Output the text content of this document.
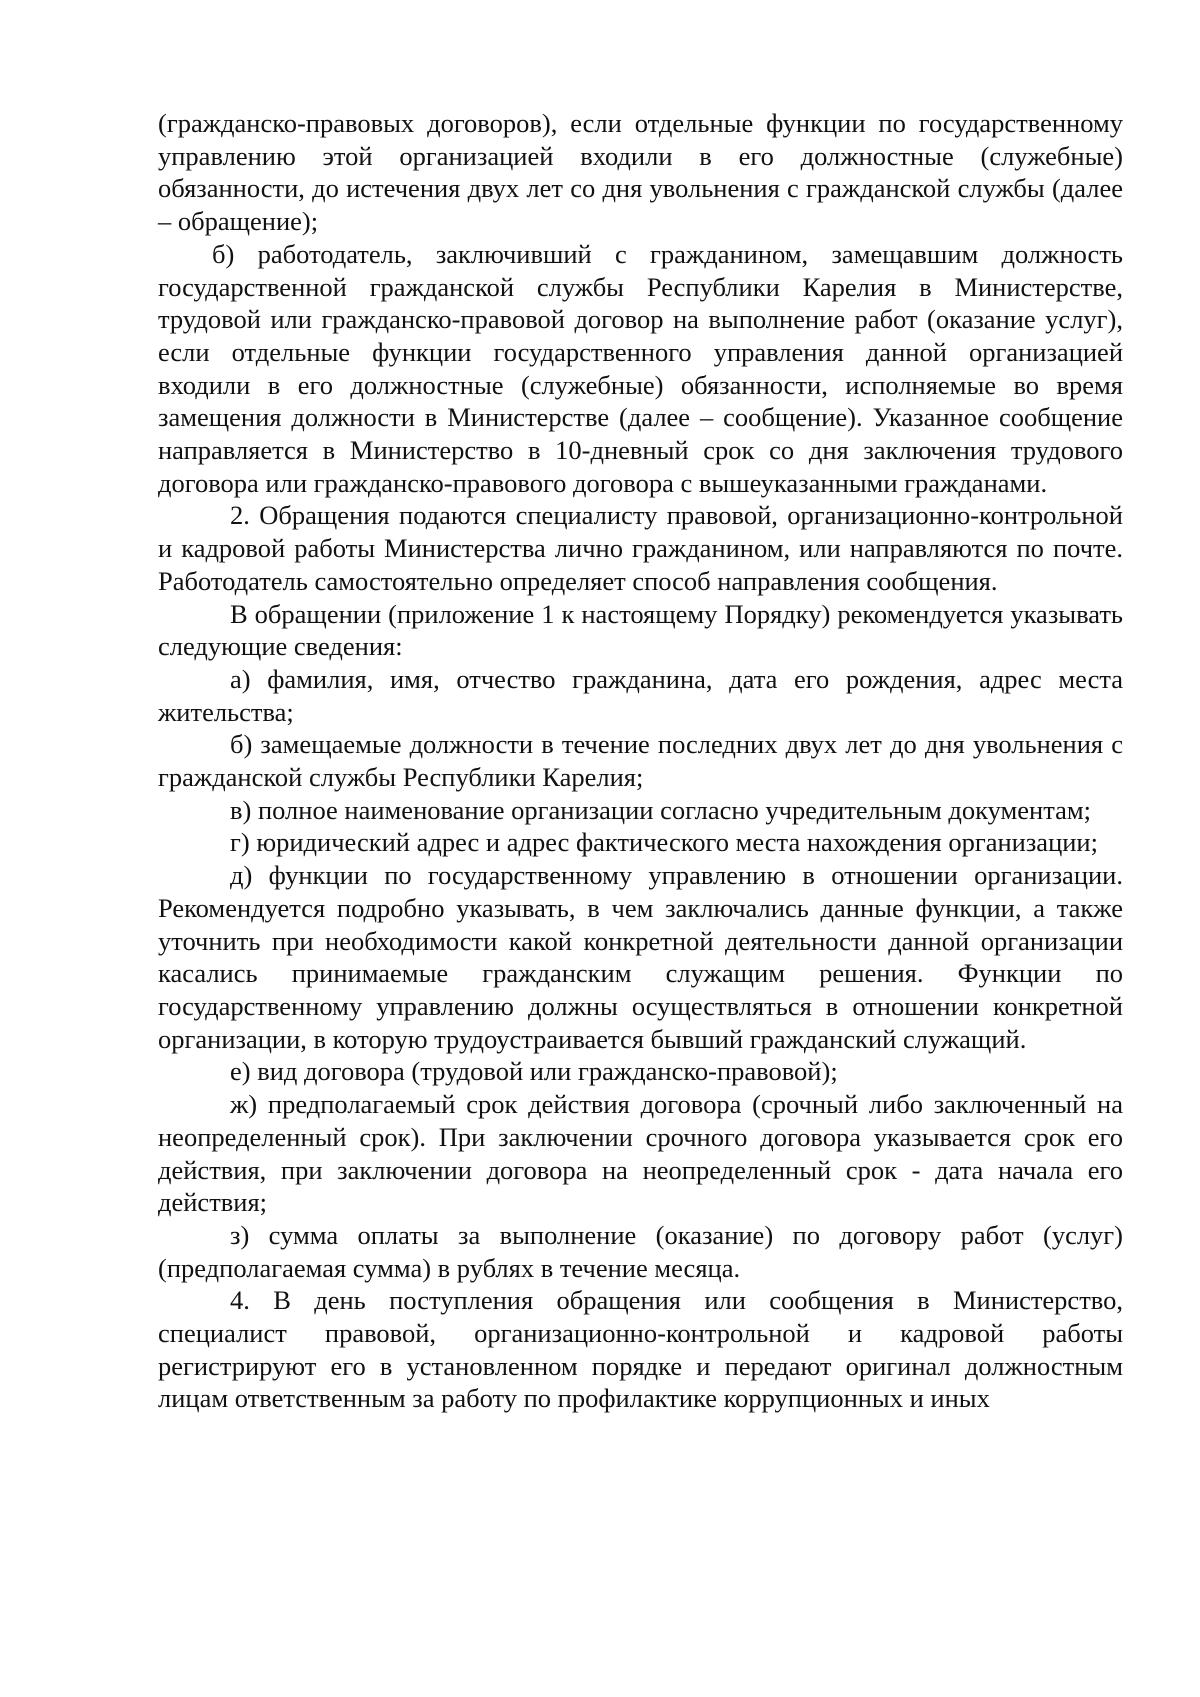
(гражданско-правовых договоров), если отдельные функции по государственному управлению этой организацией входили в его должностные (служебные) обязанности, до истечения двух лет со дня увольнения с гражданской службы (далее – обращение);

б) работодатель, заключивший с гражданином, замещавшим должность государственной гражданской службы Республики Карелия в Министерстве, трудовой или гражданско-правовой договор на выполнение работ (оказание услуг), если отдельные функции государственного управления данной организацией входили в его должностные (служебные) обязанности, исполняемые во время замещения должности в Министерстве (далее – сообщение). Указанное сообщение направляется в Министерство в 10-дневный срок со дня заключения трудового договора или гражданско-правового договора с вышеуказанными гражданами.

2. Обращения подаются специалисту правовой, организационно-контрольной и кадровой работы Министерства лично гражданином, или направляются по почте. Работодатель самостоятельно определяет способ направления сообщения.

В обращении (приложение 1 к настоящему Порядку) рекомендуется указывать следующие сведения:

а) фамилия, имя, отчество гражданина, дата его рождения, адрес места жительства;

б) замещаемые должности в течение последних двух лет до дня увольнения с гражданской службы Республики Карелия;

в) полное наименование организации согласно учредительным документам;

г) юридический адрес и адрес фактического места нахождения организации;

д) функции по государственному управлению в отношении организации. Рекомендуется подробно указывать, в чем заключались данные функции, а также уточнить при необходимости какой конкретной деятельности данной организации касались принимаемые гражданским служащим решения. Функции по государственному управлению должны осуществляться в отношении конкретной организации, в которую трудоустраивается бывший гражданский служащий.

е) вид договора (трудовой или гражданско-правовой);

ж) предполагаемый срок действия договора (срочный либо заключенный на неопределенный срок). При заключении срочного договора указывается срок его действия, при заключении договора на неопределенный срок - дата начала его действия;

з) сумма оплаты за выполнение (оказание) по договору работ (услуг) (предполагаемая сумма) в рублях в течение месяца.

4. В день поступления обращения или сообщения в Министерство, специалист правовой, организационно-контрольной и кадровой работы регистрируют его в установленном порядке и передают оригинал должностным лицам ответственным за работу по профилактике коррупционных и иных
